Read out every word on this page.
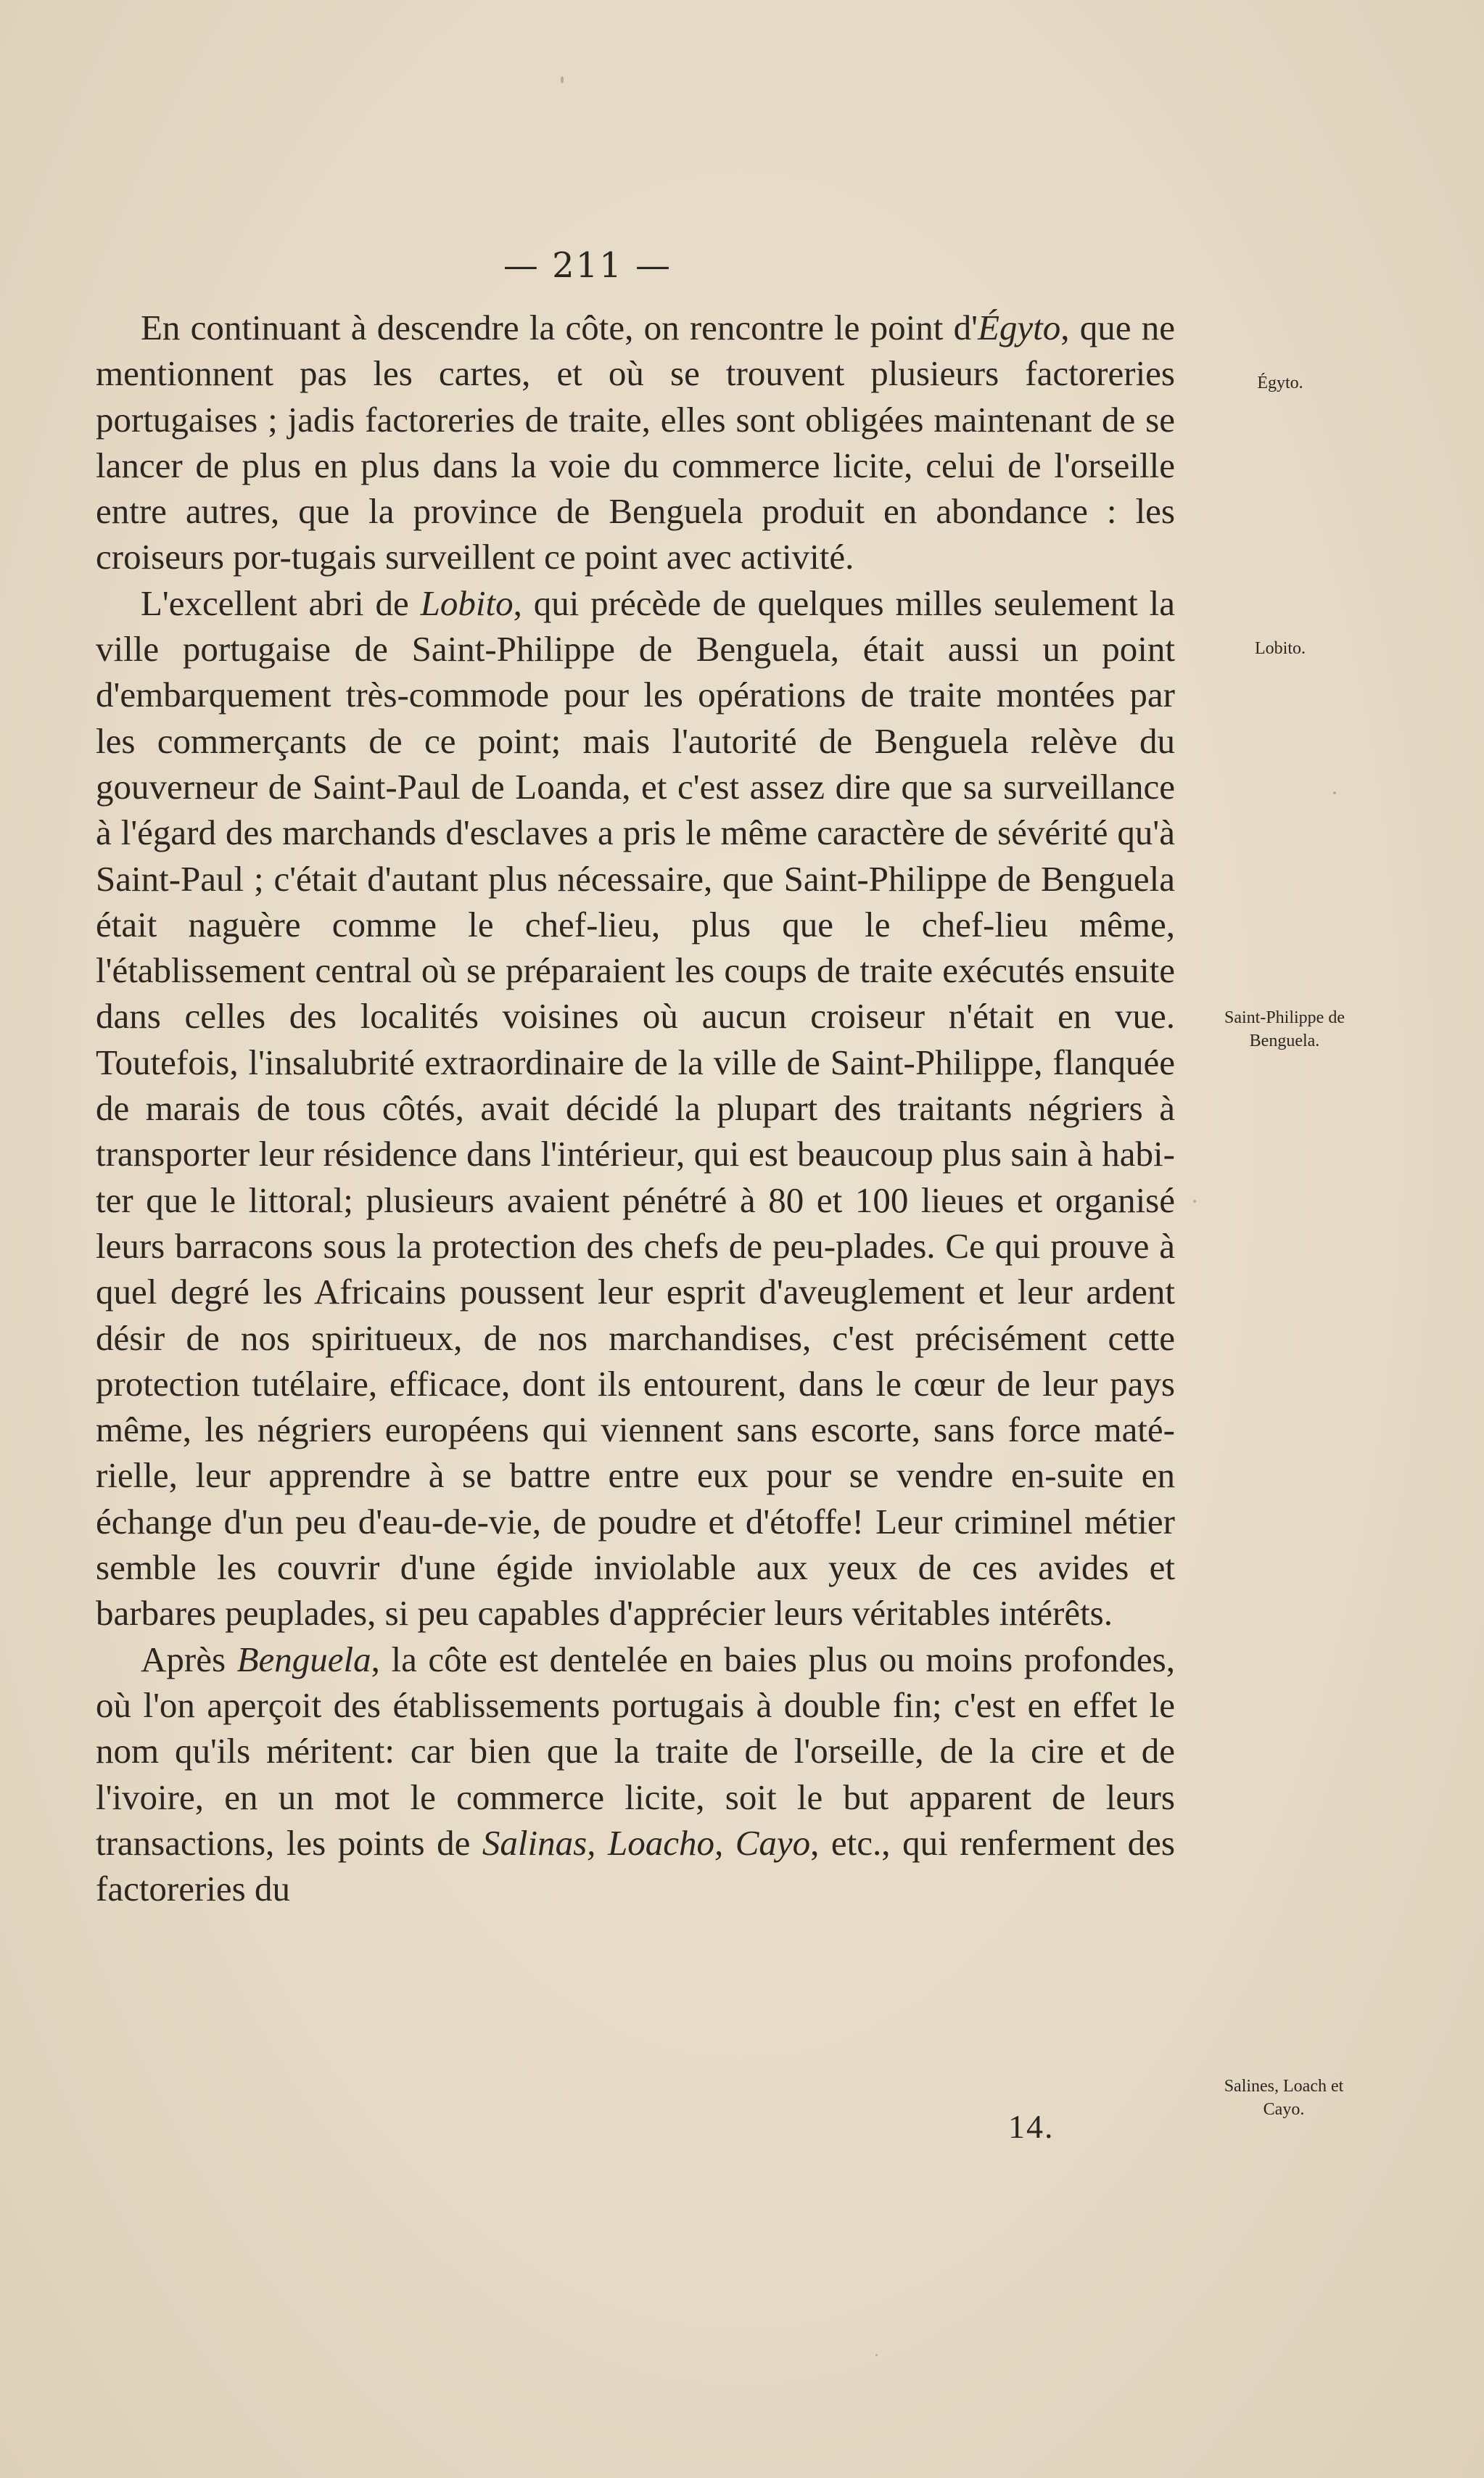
— 211 —

En continuant à descendre la côte, on rencontre le point d'Égyto, que ne mentionnent pas les cartes, et où se trouvent plusieurs factoreries portugaises ; jadis factoreries de traite, elles sont obligées maintenant de se lancer de plus en plus dans la voie du commerce licite, celui de l'orseille entre autres, que la province de Benguela produit en abondance : les croiseurs por-tugais surveillent ce point avec activité.

L'excellent abri de Lobito, qui précède de quelques milles seulement la ville portugaise de Saint-Philippe de Benguela, était aussi un point d'embarquement très-commode pour les opérations de traite montées par les commerçants de ce point; mais l'autorité de Benguela relève du gouverneur de Saint-Paul de Loanda, et c'est assez dire que sa surveillance à l'égard des marchands d'esclaves a pris le même caractère de sévérité qu'à Saint-Paul ; c'était d'autant plus nécessaire, que Saint-Philippe de Benguela était naguère comme le chef-lieu, plus que le chef-lieu même, l'établissement central où se préparaient les coups de traite exécutés ensuite dans celles des localités voisines où aucun croiseur n'était en vue. Toutefois, l'insalubrité extraordinaire de la ville de Saint-Philippe, flanquée de marais de tous côtés, avait décidé la plupart des traitants négriers à transporter leur résidence dans l'intérieur, qui est beaucoup plus sain à habi-ter que le littoral; plusieurs avaient pénétré à 80 et 100 lieues et organisé leurs barracons sous la protection des chefs de peu-plades. Ce qui prouve à quel degré les Africains poussent leur esprit d'aveuglement et leur ardent désir de nos spiritueux, de nos marchandises, c'est précisément cette protection tutélaire, efficace, dont ils entourent, dans le cœur de leur pays même, les négriers européens qui viennent sans escorte, sans force maté- rielle, leur apprendre à se battre entre eux pour se vendre en-suite en échange d'un peu d'eau-de-vie, de poudre et d'étoffe! Leur criminel métier semble les couvrir d'une égide inviolable aux yeux de ces avides et barbares peuplades, si peu capables d'apprécier leurs véritables intérêts.

Après Benguela, la côte est dentelée en baies plus ou moins profondes, où l'on aperçoit des établissements portugais à double fin; c'est en effet le nom qu'ils méritent: car bien que la traite de l'orseille, de la cire et de l'ivoire, en un mot le commerce licite, soit le but apparent de leurs transactions, les points de Salinas, Loacho, Cayo, etc., qui renferment des factoreries du

14.
Égyto.
Lobito.
Saint-Philippe de Benguela.
Salines, Loach et Cayo.
